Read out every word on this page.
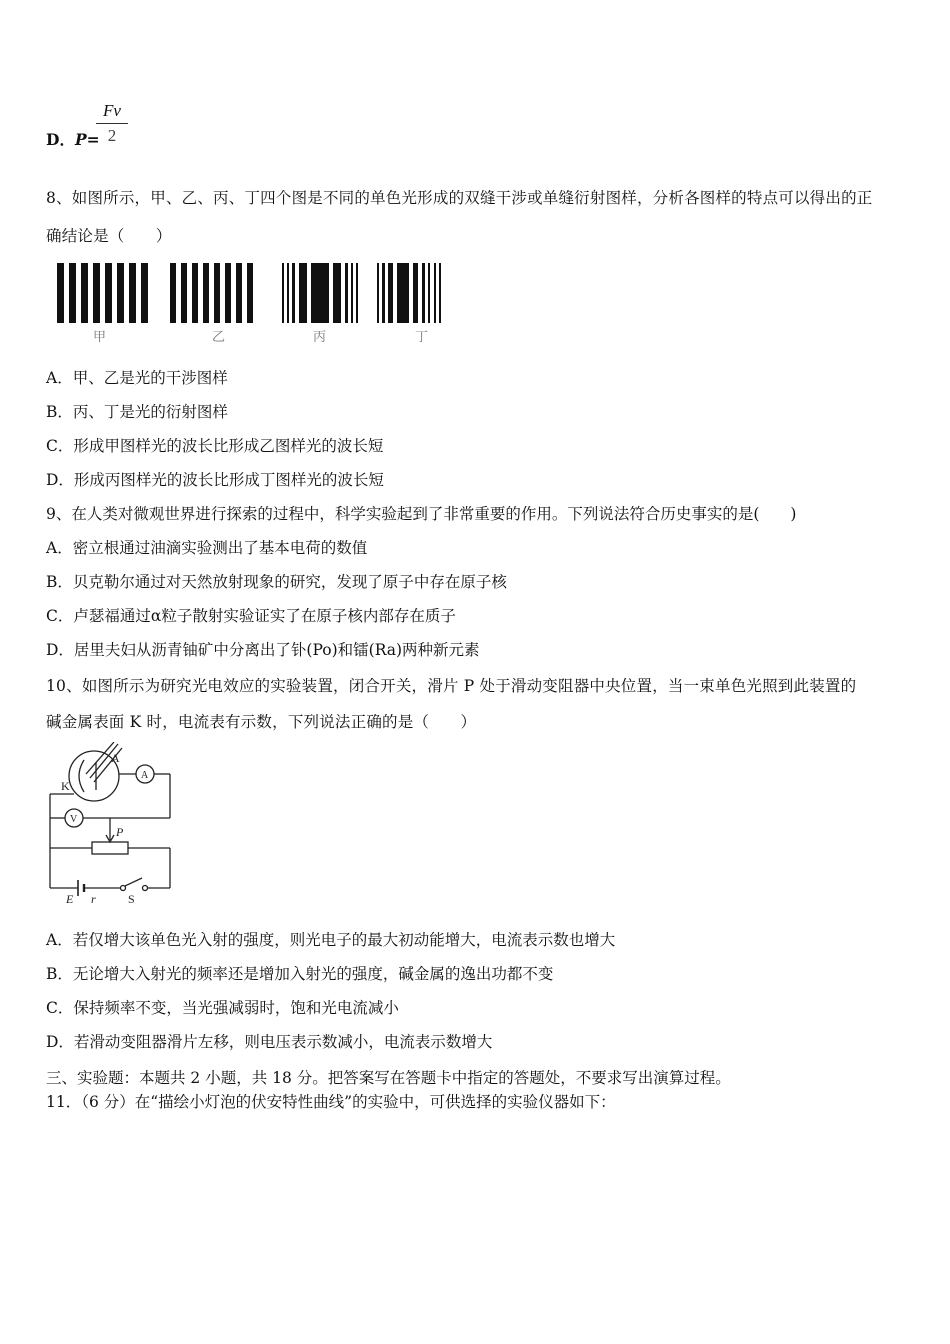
Fv
2
D．P=
8、如图所示，甲、乙、丙、丁四个图是不同的单色光形成的双缝干涉或单缝衍射图样，分析各图样的特点可以得出的正
确结论是（　　）
甲	乙	丙	丁
A．甲、乙是光的干涉图样
B．丙、丁是光的衍射图样
C．形成甲图样光的波长比形成乙图样光的波长短
D．形成丙图样光的波长比形成丁图样光的波长短
9、在人类对微观世界进行探索的过程中，科学实验起到了非常重要的作用。下列说法符合历史事实的是(　　)
A．密立根通过油滴实验测出了基本电荷的数值
B．贝克勒尔通过对天然放射现象的研究，发现了原子中存在原子核
C．卢瑟福通过α粒子散射实验证实了在原子核内部存在质子
D．居里夫妇从沥青铀矿中分离出了钋(Po)和镭(Ra)两种新元素
10、如图所示为研究光电效应的实验装置，闭合开关，滑片 P 处于滑动变阻器中央位置，当一束单色光照到此装置的
碱金属表面 K 时，电流表有示数，下列说法正确的是（　　）
A
K
A
V
P
E r	S
A．若仅增大该单色光入射的强度，则光电子的最大初动能增大，电流表示数也增大
B．无论增大入射光的频率还是增加入射光的强度，碱金属的逸出功都不变
C．保持频率不变，当光强减弱时，饱和光电流减小
D．若滑动变阻器滑片左移，则电压表示数减小，电流表示数增大
三、实验题：本题共 2 小题，共 18 分。把答案写在答题卡中指定的答题处，不要求写出演算过程。
11．（6 分）在“描绘小灯泡的伏安特性曲线”的实验中，可供选择的实验仪器如下：
